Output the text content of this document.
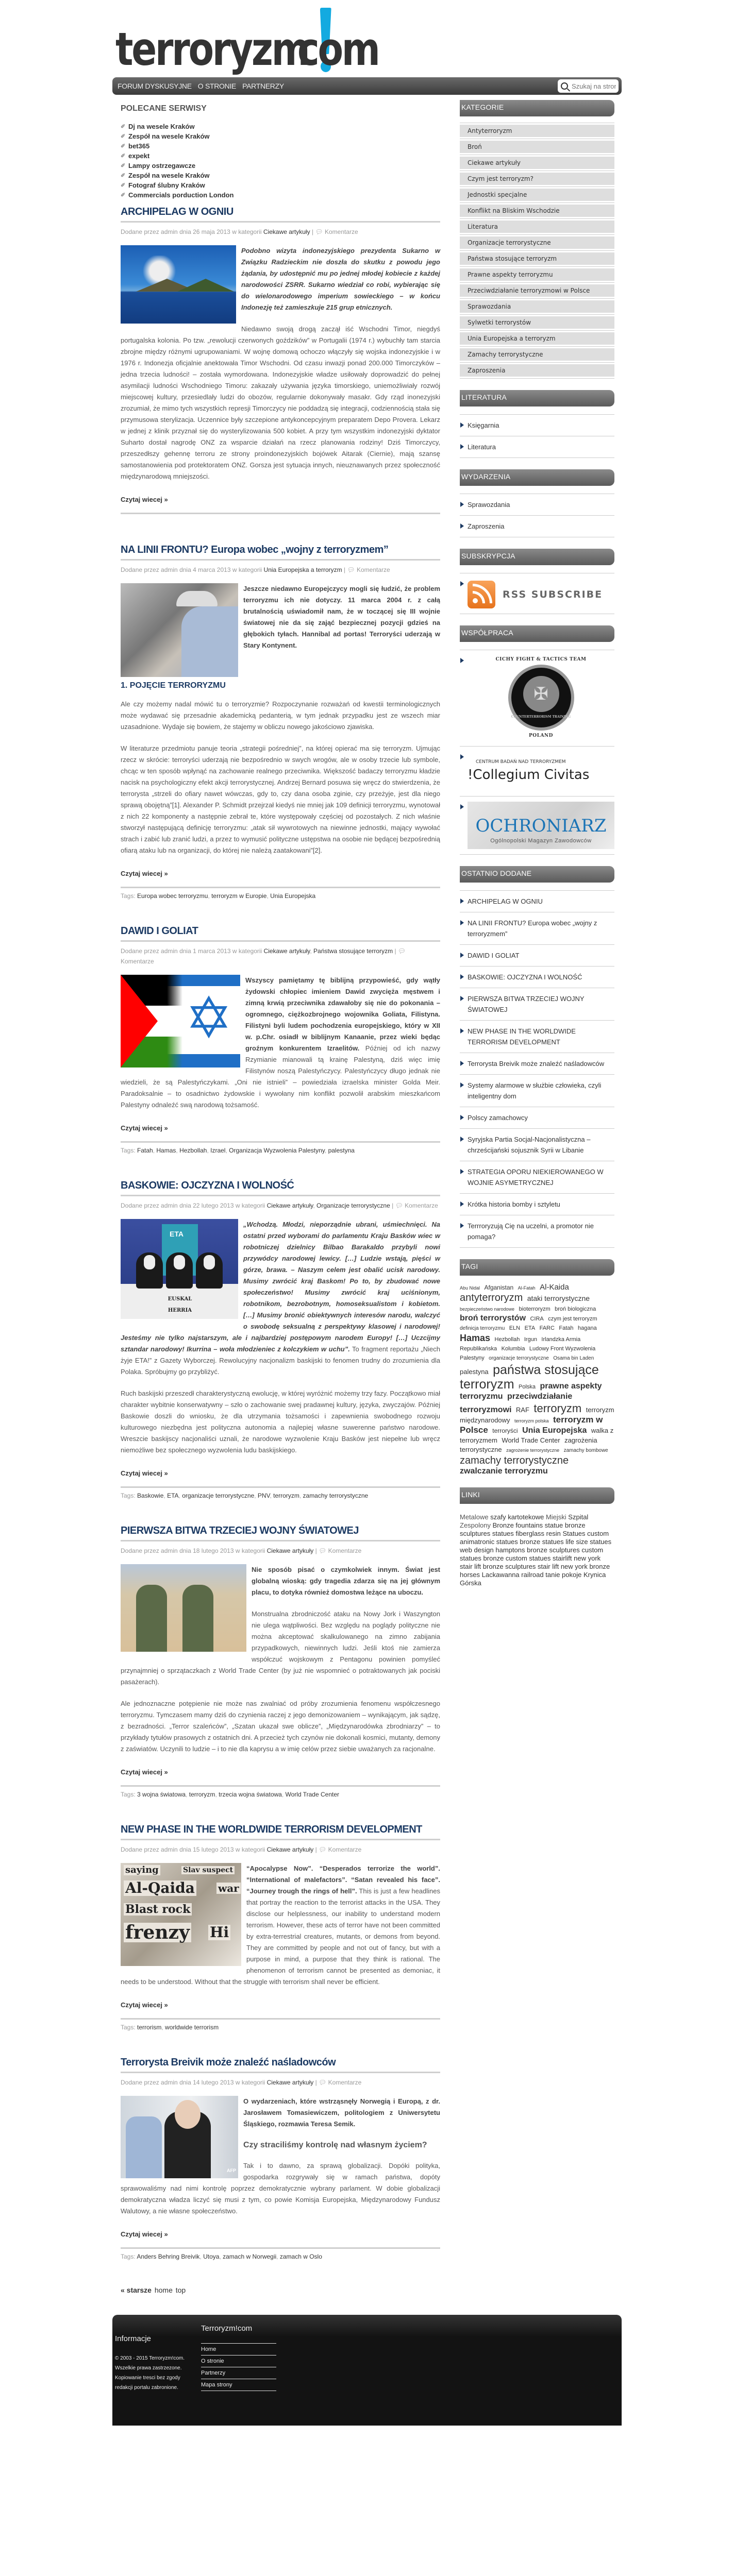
terroryzm
com
FORUM DYSKUSYJNE O STRONIE PARTNERZY
Szukaj na stronie
POLECANE SERWISY
✐ Dj na wesele Kraków
✐ Zespół na wesele Kraków
✐ bet365
✐ expekt
✐ Lampy ostrzegawcze
✐ Zespół na wesele Kraków
✐ Fotograf ślubny Kraków
✐ Commercials porduction London
ARCHIPELAG W OGNIU
Dodane przez admin dnia 26 maja 2013 w kategorii Ciekawe artykuły | 💬︎ Komentarze

Podobno wizyta indonezyjskiego prezydenta Sukarno w Związku Radzieckim nie doszła do skutku z powodu jego żądania, by udostępnić mu po jednej młodej kobiecie z każdej narodowości ZSRR. Sukarno wiedział co robi, wybierając się do wielonarodowego imperium sowieckiego – w końcu Indonezję też zamieszkuje 215 grup etnicznych.

Niedawno swoją drogą zaczął iść Wschodni Timor, niegdyś portugalska kolonia. Po tzw. „rewolucji czerwonych goździków” w Portugalii (1974 r.) wybuchły tam starcia zbrojne między różnymi ugrupowaniami. W wojnę domową ochoczo włączyły się wojska indonezyjskie i w 1976 r. Indonezja oficjalnie anektowała Timor Wschodni. Od czasu inwazji ponad 200.000 Timorczyków – jedna trzecia ludności! – została wymordowana. Indonezyjskie władze usiłowały doprowadzić do pełnej asymilacji ludności Wschodniego Timoru: zakazały używania języka timorskiego, uniemożliwiały rozwój miejscowej kultury, przesiedlały ludzi do obozów, regularnie dokonywały masakr. Gdy rząd inonezyjski zrozumiał, że mimo tych wszystkich represji Timorczycy nie poddadzą się integracji, codziennością stała się przymusowa sterylizacja. Uczennice były szczepione antykoncepcyjnym preparatem Depo Provera. Lekarz w jednej z klinik przyznał się do wysterylizowania 500 kobiet. A przy tym wszystkim indonezyjski dyktator Suharto dostał nagrodę ONZ za wsparcie działań na rzecz planowania rodziny! Dziś Timorczycy, przeszedłszy gehennę terroru ze strony proindonezyjskich bojówek Aitarak (Ciernie), mają szansę samostanowienia pod protektoratem ONZ. Gorsza jest sytuacja innych, nieuznawanych przez społeczność międzynarodową mniejszości.

Czytaj wiecej »
NA LINII FRONTU? Europa wobec „wojny z terroryzmem”
Dodane przez admin dnia 4 marca 2013 w kategorii Unia Europejska a terroryzm | 💬︎ Komentarze

Jeszcze niedawno Europejczycy mogli się łudzić, że problem terroryzmu ich nie dotyczy. 11 marca 2004 r. z całą brutalnością uświadomił nam, że w toczącej się III wojnie światowej nie da się zająć bezpiecznej pozycji gdzieś na głębokich tyłach. Hannibal ad portas! Terroryści uderzają w Stary Kontynent.

1. POJĘCIE TERRORYZMU

Ale czy możemy nadal mówić tu o terroryzmie? Rozpoczynanie rozważań od kwestii terminologicznych może wydawać się przesadnie akademicką pedanterią, w tym jednak przypadku jest ze wszech miar uzasadnione. Wydaje się bowiem, że stajemy w obliczu nowego jakościowo zjawiska.

W literaturze przedmiotu panuje teoria „strategii pośredniej”, na której opierać ma się terroryzm. Ujmując rzecz w skrócie: terroryści uderzają nie bezpośrednio w swych wrogów, ale w osoby trzecie lub symbole, chcąc w ten sposób wpłynąć na zachowanie realnego przeciwnika. Większość badaczy terroryzmu kładzie nacisk na psychologiczny efekt akcji terrorystycznej. Andrzej Bernard posuwa się wręcz do stwierdzenia, że terrorysta „strzeli do ofiary nawet wówczas, gdy to, czy dana osoba zginie, czy przeżyje, jest dla niego sprawą obojętną”[1]. Alexander P. Schmidt przejrzał kiedyś nie mniej jak 109 definicji terroryzmu, wynotował z nich 22 komponenty a następnie zebrał te, które występowały częściej od pozostałych. Z nich właśnie stworzył następującą definicję terroryzmu: „atak sił wywrotowych na niewinne jednostki, mający wywołać strach i zabić lub zranić ludzi, a przez to wymusić polityczne ustępstwa na osobie nie będącej bezpośrednią ofiarą ataku lub na organizacji, do której nie należą zaatakowani”[2].

Czytaj wiecej »
Tags: Europa wobec terroryzmu, terroryzm w Europie, Unia Europejska
DAWID I GOLIAT
Dodane przez admin dnia 1 marca 2013 w kategorii Ciekawe artykuły, Państwa stosujące terroryzm | 💬︎ Komentarze
✡

Wszyscy pamiętamy tę biblijną przypowieść, gdy wątły żydowski chłopiec imieniem Dawid zwycięża męstwem i zimną krwią przeciwnika zdawałoby się nie do pokonania – ogromnego, ciężkozbrojnego wojownika Goliata, Filistyna. Filistyni byli ludem pochodzenia europejskiego, który w XII w. p.Chr. osiadł w biblijnym Kanaanie, przez wieki będąc groźnym konkurentem Izraelitów. Później od ich nazwy Rzymianie mianowali tą krainę Palestyną, dziś więc imię Filistynów noszą Palestyńczycy. Palestyńczycy długo jednak nie wiedzieli, że są Palestyńczykami. „Oni nie istnieli” – powiedziała izraelska minister Golda Meir. Paradoksalnie – to osadnictwo żydowskie i wywołany nim konflikt pozwolił arabskim mieszkańcom Palestyny odnaleźć swą narodową tożsamość.

Czytaj wiecej »
Tags: Fatah, Hamas, Hezbollah, Izrael, Organizacja Wyzwolenia Palestyny, palestyna
BASKOWIE: OJCZYZNA I WOLNOŚĆ
Dodane przez admin dnia 22 lutego 2013 w kategorii Ciekawe artykuły, Organizacje terrorystyczne | 💬︎ Komentarze
ETA
EUSKAL HERRIA

„Wchodzą. Młodzi, nieporządnie ubrani, uśmiechnięci. Na ostatni przed wyborami do parlamentu Kraju Basków wiec w robotniczej dzielnicy Bilbao Barakaldo przybyli nowi przywódcy narodowej lewicy. […] Ludzie wstają, pięści w górze, brawa. – Naszym celem jest obalić ucisk narodowy. Musimy zwrócić kraj Baskom! Po to, by zbudować nowe społeczeństwo! Musimy zwrócić kraj uciśnionym, robotnikom, bezrobotnym, homoseksualistom i kobietom. […] Musimy bronić obiektywnych interesów narodu, walczyć o swobodę seksualną z perspektywy klasowej i narodowej! Jesteśmy nie tylko najstarszym, ale i najbardziej postępowym narodem Europy! […] Uczcijmy sztandar narodowy! Ikurrina – woła młodzieniec z kolczykiem w uchu”. To fragment reportażu „Niech żyje ETA!” z Gazety Wyborczej. Rewolucyjny nacjonalizm baskijski to fenomen trudny do zrozumienia dla Polaka. Spróbujmy go przybliżyć.

Ruch baskijski przeszedł charakterystyczną ewolucję, w której wyróżnić możemy trzy fazy. Początkowo miał charakter wybitnie konserwatywny – szło o zachowanie swej pradawnej kultury, języka, zwyczajów. Później Baskowie doszli do wniosku, że dla utrzymania tożsamości i zapewnienia swobodnego rozwoju kulturowego niezbędna jest polityczna autonomia a najlepiej własne suwerenne państwo narodowe. Wreszcie baskijscy nacjonaliści uznali, że narodowe wyzwolenie Kraju Basków jest niepełne lub wręcz niemożliwe bez społecznego wyzwolenia ludu baskijskiego.

Czytaj wiecej »
Tags: Baskowie, ETA, organizacje terrorystyczne, PNV, terroryzm, zamachy terrorystyczne
PIERWSZA BITWA TRZECIEJ WOJNY ŚWIATOWEJ
Dodane przez admin dnia 18 lutego 2013 w kategorii Ciekawe artykuły | 💬︎ Komentarze

Nie sposób pisać o czymkolwiek innym. Świat jest globalną wioską: gdy tragedia zdarza się na jej głównym placu, to dotyka również domostwa leżące na uboczu.

Monstrualna zbrodniczość ataku na Nowy Jork i Waszyngton nie ulega wątpliwości. Bez względu na poglądy polityczne nie można akceptować skalkulowanego na zimno zabijania przypadkowych, niewinnych ludzi. Jeśli ktoś nie zamierza współczuć wojskowym z Pentagonu powinien pomyśleć przynajmniej o sprzątaczkach z World Trade Center (by już nie wspomnieć o potraktowanych jak pociski pasażerach).

Ale jednoznaczne potępienie nie może nas zwalniać od próby zrozumienia fenomenu współczesnego terroryzmu. Tymczasem mamy dziś do czynienia raczej z jego demonizowaniem – wynikającym, jak sądzę, z bezradności. „Terror szaleńców”, „Szatan ukazał swe oblicze”, „Międzynarodówka zbrodniarzy” – to przykłady tytułów prasowych z ostatnich dni. A przecież tych czynów nie dokonali kosmici, mutanty, demony z zaświatów. Uczynili to ludzie – i to nie dla kaprysu a w imię celów przez siebie uważanych za racjonalne.

Czytaj wiecej »
Tags: 3 wojna światowa, terroryzm, trzecia wojna światowa, World Trade Center
NEW PHASE IN THE WORLDWIDE TERRORISM DEVELOPMENT
Dodane przez admin dnia 15 lutego 2013 w kategorii Ciekawe artykuły | 💬︎ Komentarze
saying	Slav suspect
Al-Qaida war
Blast rock
frenzy Hi

“Apocalypse Now”. “Desperados terrorize the world”. “International of malefactors”. “Satan revealed his face”. “Journey trough the rings of hell”. This is just a few headlines that portray the reaction to the terrorist attacks in the USA. They disclose our helplessness, our inability to understand modern terrorism. However, these acts of terror have not been committed by extra-terrestrial creatures, mutants, or demons from beyond. They are committed by people and not out of fancy, but with a purpose in mind, a purpose that they think is rational. The phenomenon of terrorism cannot be presented as demoniac, it needs to be understood. Without that the struggle with terrorism shall never be efficient.

Czytaj wiecej »
Tags: terrorism, worldwide terrorism
Terrorysta Breivik może znaleźć naśladowców
Dodane przez admin dnia 14 lutego 2013 w kategorii Ciekawe artykuły | 💬︎ Komentarze
AFP

O wydarzeniach, które wstrząsnęły Norwegią i Europą, z dr. Jarosławem Tomasiewiczem, politologiem z Uniwersytetu Śląskiego, rozmawia Teresa Semik.

Czy straciliśmy kontrolę nad własnym życiem?

Tak i to dawno, za sprawą globalizacji. Dopóki polityka, gospodarka rozgrywały się w ramach państwa, dopóty sprawowaliśmy nad nimi kontrolę poprzez demokratycznie wybrany parlament. W dobie globalizacji demokratyczna władza liczyć się musi z tym, co powie Komisja Europejska, Międzynarodowy Fundusz Walutowy, a nie własne społeczeństwo.

Czytaj wiecej »
Tags: Anders Behring Breivik, Utoya, zamach w Norwegii, zamach w Oslo
« starsze home top
KATEGORIE
Antyterroryzm
Broń
Ciekawe artykuły
Czym jest terroryzm?
Jednostki specjalne
Konflikt na Bliskim Wschodzie
Literatura
Organizacje terrorystyczne
Państwa stosujące terroryzm
Prawne aspekty terroryzmu
Przeciwdziałanie terroryzmowi w Polsce
Sprawozdania
Sylwetki terrorystów
Unia Europejska a terroryzm
Zamachy terrorystyczne
Zaproszenia
LITERATURA
Księgarnia
Literatura
WYDARZENIA
Sprawozdania
Zaproszenia
SUBSKRYPCJA
RSS SUBSCRIBE
WSPÓŁPRACA
CICHY FIGHT & TACTICS TEAM
✠
COUNTERTERRORISM TRAINING
POLAND
CENTRUM BADAŃ NAD TERRORYZMEM
!Collegium Civitas
OCHRONIARZ
Ogólnopolski Magazyn Zawodowców
OSTATNIO DODANE
ARCHIPELAG W OGNIU
NA LINII FRONTU? Europa wobec „wojny z terroryzmem”
DAWID I GOLIAT
BASKOWIE: OJCZYZNA I WOLNOŚĆ
PIERWSZA BITWA TRZECIEJ WOJNY ŚWIATOWEJ
NEW PHASE IN THE WORLDWIDE TERRORISM DEVELOPMENT
Terrorysta Breivik może znaleźć naśladowców
Systemy alarmowe w służbie człowieka, czyli inteligentny dom
Polscy zamachowcy
Syryjska Partia Socjal-Nacjonalistyczna – chrześcijański sojusznik Syrii w Libanie
STRATEGIA OPORU NIEKIEROWANEGO W WOJNIE ASYMETRYCZNEJ
Krótka historia bomby i sztyletu
Terrroryzują Cię na uczelni, a promotor nie pomaga?
TAGI
Abu Nidal Afganistan Al-Fatah Al-Kaida antyterroryzm ataki terrorystyczne bezpieczeństwo narodowe bioterroryzm broń biologiczna broń terrorystów CIRA czym jest terroryzm definicja terroryzmu ELN ETA FARC Fatah hagana Hamas Hezbollah Irgun Irlandzka Armia Republikańska Kolumbia Ludowy Front Wyzwolenia Palestyny organizacje terrorystyczne Osama bin Laden palestyna państwa stosujące terroryzm Polska prawne aspekty terroryzmu przeciwdziałanie terroryzmowi RAF terroryzm terroryzm międzynarodowy terroryzm polska terroryzm w Polsce terroryści Unia Europejska walka z terroryzmem World Trade Center zagrożenia terrorystyczne zagrożenie terrorystyczne zamachy bombowe zamachy terrorystyczne zwalczanie terroryzmu
LINKI
Metalowe szafy kartotekowe Miejski Szpital Zespolony Bronze fountains statue bronze sculptures statues fiberglass resin Statues custom animatronic statues bronze statues life size statues web design hamptons bronze sculptures custom statues bronze custom statues stairlift new york stair lift bronze sculptures stair lift new york bronze horses Lackawanna railroad tanie pokoje Krynica Górska
Informacje

© 2003 - 2015 Terroryzm!com. Wszelkie prawa zastrzezone. Kopiowanie tresci bez zgody redakcji portalu zabronione.

Terroryzm!com
Home
O stronie
Partnerzy
Mapa strony
